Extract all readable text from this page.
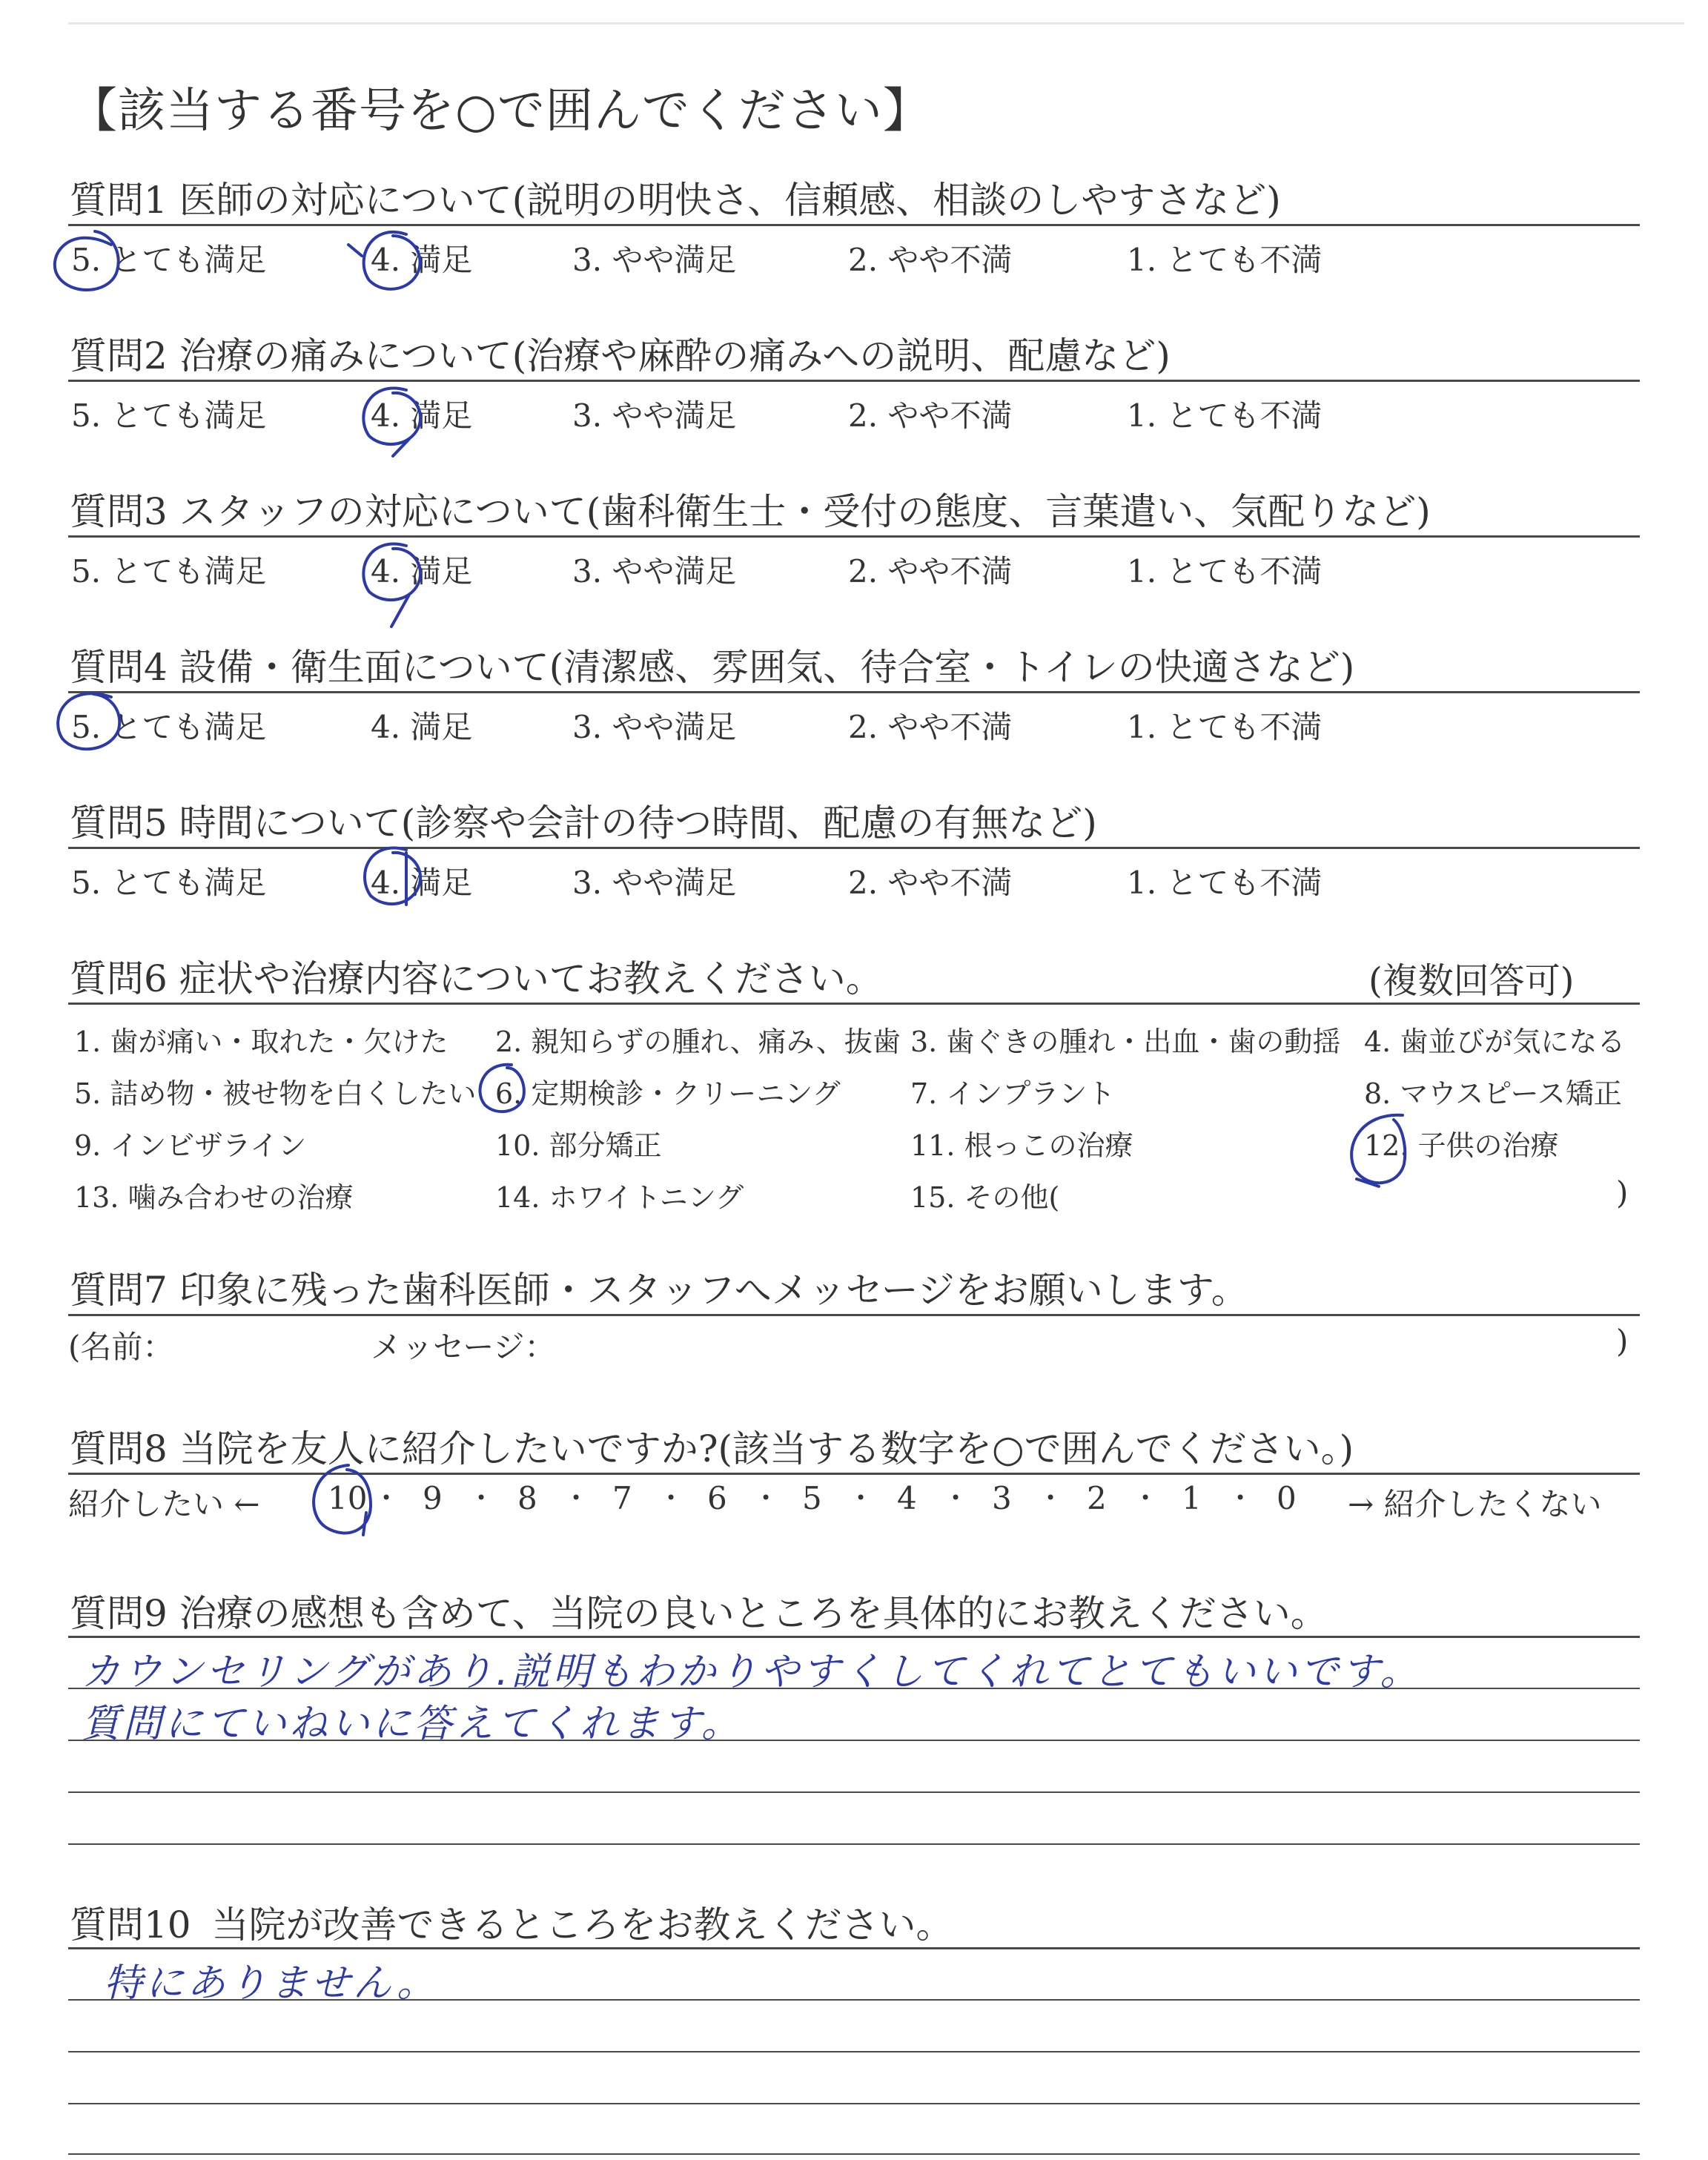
【該当する番号を○で囲んでください】
質問1 医師の対応について(説明の明快さ、信頼感、相談のしやすさなど)
5. とても満足	4. 満足	3. やや満足	2. やや不満	1. とても不満
質問2 治療の痛みについて(治療や麻酔の痛みへの説明、配慮など)
5. とても満足	4. 満足	3. やや満足	2. やや不満	1. とても不満
質問3 スタッフの対応について(歯科衛生士・受付の態度、言葉遣い、気配りなど)
5. とても満足	4. 満足	3. やや満足	2. やや不満	1. とても不満
質問4 設備・衛生面について(清潔感、雰囲気、待合室・トイレの快適さなど)
5. とても満足	4. 満足	3. やや満足	2. やや不満	1. とても不満
質問5 時間について(診察や会計の待つ時間、配慮の有無など)
5. とても満足	4. 満足	3. やや満足	2. やや不満	1. とても不満
質問6 症状や治療内容についてお教えください。	(複数回答可)
1. 歯が痛い・取れた・欠けた 2. 親知らずの腫れ、痛み、抜歯 3. 歯ぐきの腫れ・出血・歯の動揺 4. 歯並びが気になる
5. 詰め物・被せ物を白くしたい 6. 定期検診・クリーニング 7. インプラント	8. マウスピース矯正
9. インビザライン	10. 部分矯正	11. 根っこの治療	12. 子供の治療
13. 噛み合わせの治療	14. ホワイトニング	15. その他(	)
質問7 印象に残った歯科医師・スタッフへメッセージをお願いします。
(名前：	メッセージ：	)
質問8 当院を友人に紹介したいですか?(該当する数字を○で囲んでください。)
紹介したい ←	→ 紹介したくない
10 • 9 • 8 • 7 • 6 • 5 • 4 • 3 • 2 • 1 • 0
質問9 治療の感想も含めて、当院の良いところを具体的にお教えください。
カウンセリングがあり.説明もわかりやすくしてくれてとてもいいです。
質問にていねいに答えてくれます。
質問10 当院が改善できるところをお教えください。
特にありません。
